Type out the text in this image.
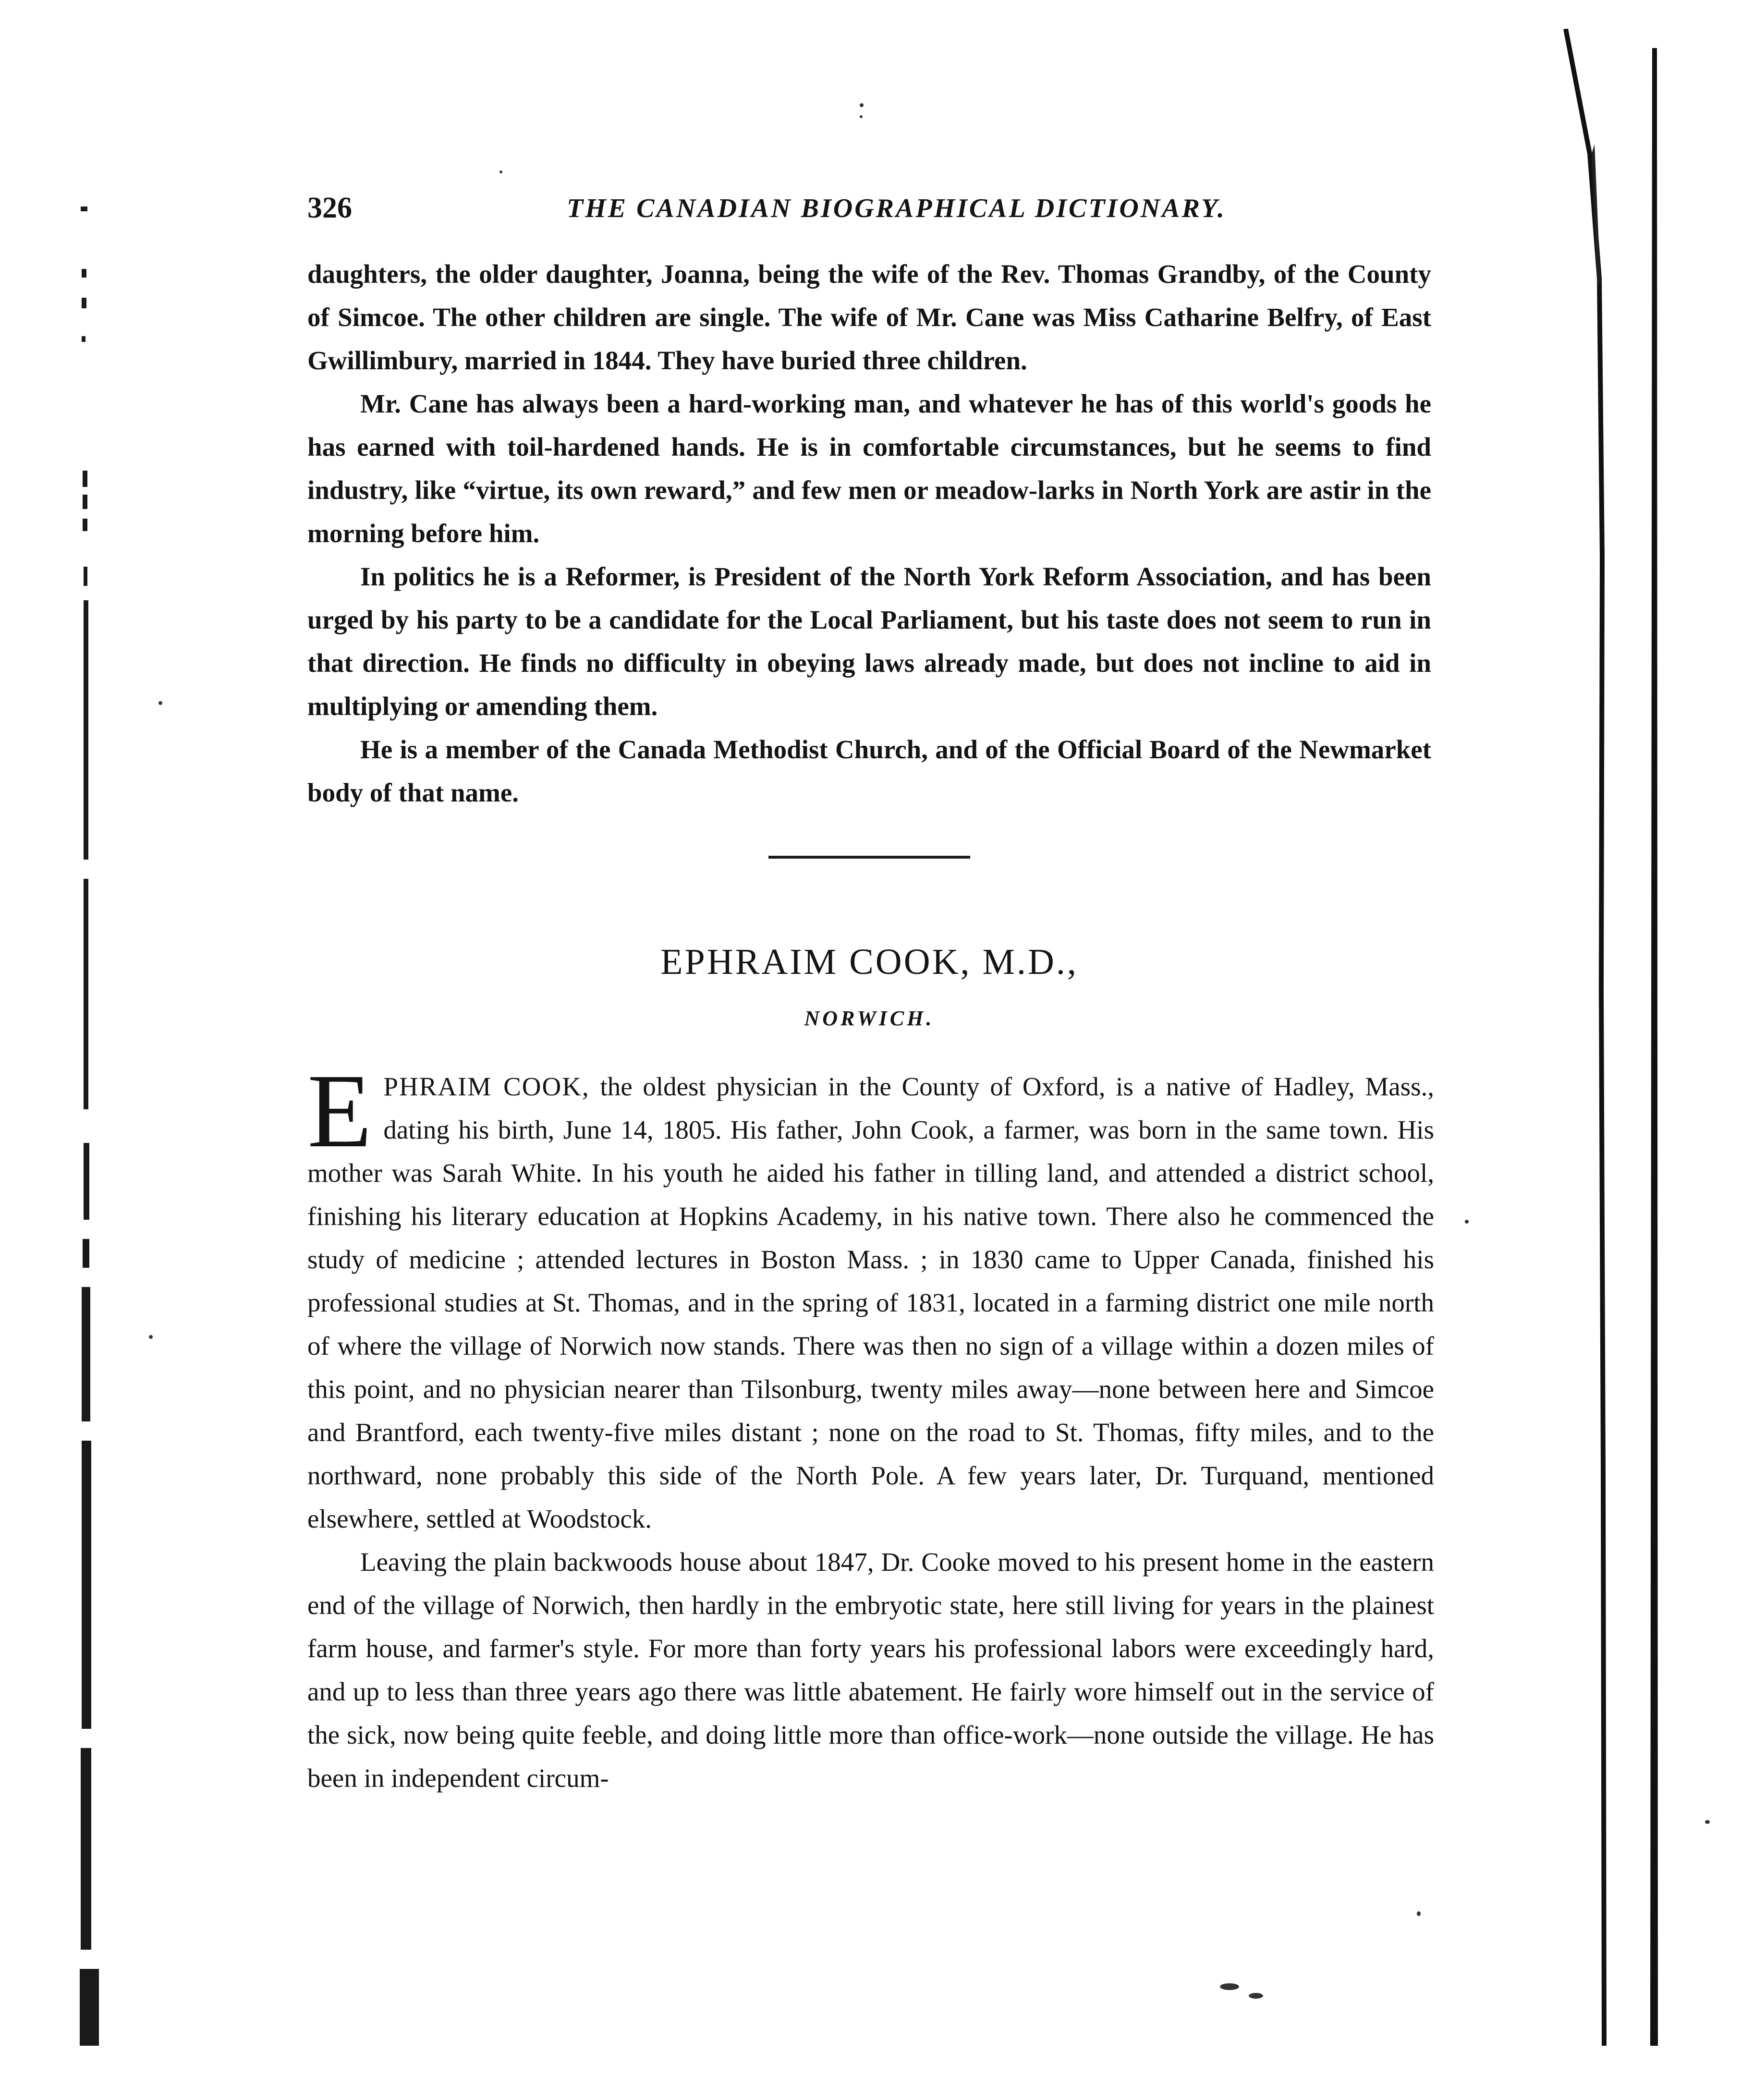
326	THE CANADIAN BIOGRAPHICAL DICTIONARY.

daughters, the older daughter, Joanna, being the wife of the Rev. Thomas Grandby, of the County of Simcoe. The other children are single. The wife of Mr. Cane was Miss Catharine Belfry, of East Gwillimbury, married in 1844. They have buried three children.

Mr. Cane has always been a hard-working man, and whatever he has of this world's goods he has earned with toil-hardened hands. He is in comfortable circumstances, but he seems to find industry, like “virtue, its own reward,” and few men or meadow-larks in North York are astir in the morning before him.

In politics he is a Reformer, is President of the North York Reform Association, and has been urged by his party to be a candidate for the Local Parliament, but his taste does not seem to run in that direction. He finds no difficulty in obeying laws already made, but does not incline to aid in multiplying or amending them.

He is a member of the Canada Methodist Church, and of the Official Board of the Newmarket body of that name.

EPHRAIM COOK, M.D.,
NORWICH.

EPHRAIM COOK, the oldest physician in the County of Oxford, is a native of Hadley, Mass., dating his birth, June 14, 1805. His father, John Cook, a farmer, was born in the same town. His mother was Sarah White. In his youth he aided his father in tilling land, and attended a district school, finishing his literary education at Hopkins Academy, in his native town. There also he commenced the study of medicine ; attended lectures in Boston Mass. ; in 1830 came to Upper Canada, finished his professional studies at St. Thomas, and in the spring of 1831, located in a farming district one mile north of where the village of Norwich now stands. There was then no sign of a village within a dozen miles of this point, and no physician nearer than Tilsonburg, twenty miles away—none between here and Simcoe and Brantford, each twenty-five miles distant ; none on the road to St. Thomas, fifty miles, and to the northward, none probably this side of the North Pole. A few years later, Dr. Turquand, mentioned elsewhere, settled at Woodstock.

Leaving the plain backwoods house about 1847, Dr. Cooke moved to his present home in the eastern end of the village of Norwich, then hardly in the embryotic state, here still living for years in the plainest farm house, and farmer's style. For more than forty years his professional labors were exceedingly hard, and up to less than three years ago there was little abatement. He fairly wore himself out in the service of the sick, now being quite feeble, and doing little more than office-work—none outside the village. He has been in independent circum-
